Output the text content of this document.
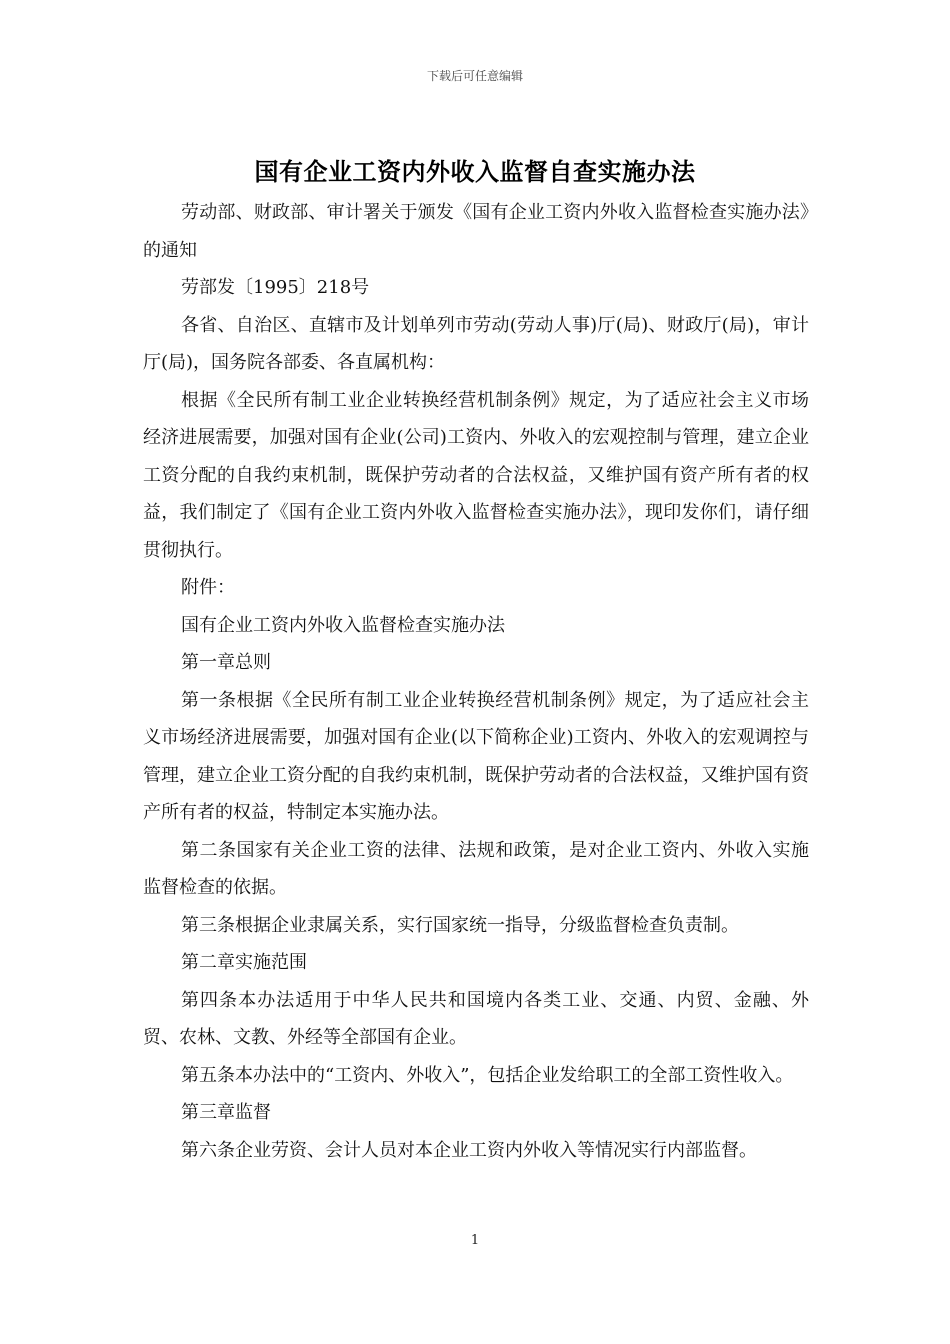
下载后可任意编辑
国有企业工资内外收入监督自查实施办法

劳动部、财政部、审计署关于颁发《国有企业工资内外收入监督检查实施办法》的通知

劳部发〔1995〕218号

各省、自治区、直辖市及计划单列市劳动(劳动人事)厅(局)、财政厅(局)，审计厅(局)，国务院各部委、各直属机构：

根据《全民所有制工业企业转换经营机制条例》规定，为了适应社会主义市场经济进展需要，加强对国有企业(公司)工资内、外收入的宏观控制与管理，建立企业工资分配的自我约束机制，既保护劳动者的合法权益，又维护国有资产所有者的权益，我们制定了《国有企业工资内外收入监督检查实施办法》，现印发你们，请仔细贯彻执行。

附件：

国有企业工资内外收入监督检查实施办法

第一章总则

第一条根据《全民所有制工业企业转换经营机制条例》规定，为了适应社会主义市场经济进展需要，加强对国有企业(以下简称企业)工资内、外收入的宏观调控与管理，建立企业工资分配的自我约束机制，既保护劳动者的合法权益，又维护国有资产所有者的权益，特制定本实施办法。

第二条国家有关企业工资的法律、法规和政策，是对企业工资内、外收入实施监督检查的依据。

第三条根据企业隶属关系，实行国家统一指导，分级监督检查负责制。

第二章实施范围

第四条本办法适用于中华人民共和国境内各类工业、交通、内贸、金融、外贸、农林、文教、外经等全部国有企业。

第五条本办法中的“工资内、外收入”，包括企业发给职工的全部工资性收入。

第三章监督

第六条企业劳资、会计人员对本企业工资内外收入等情况实行内部监督。

1
